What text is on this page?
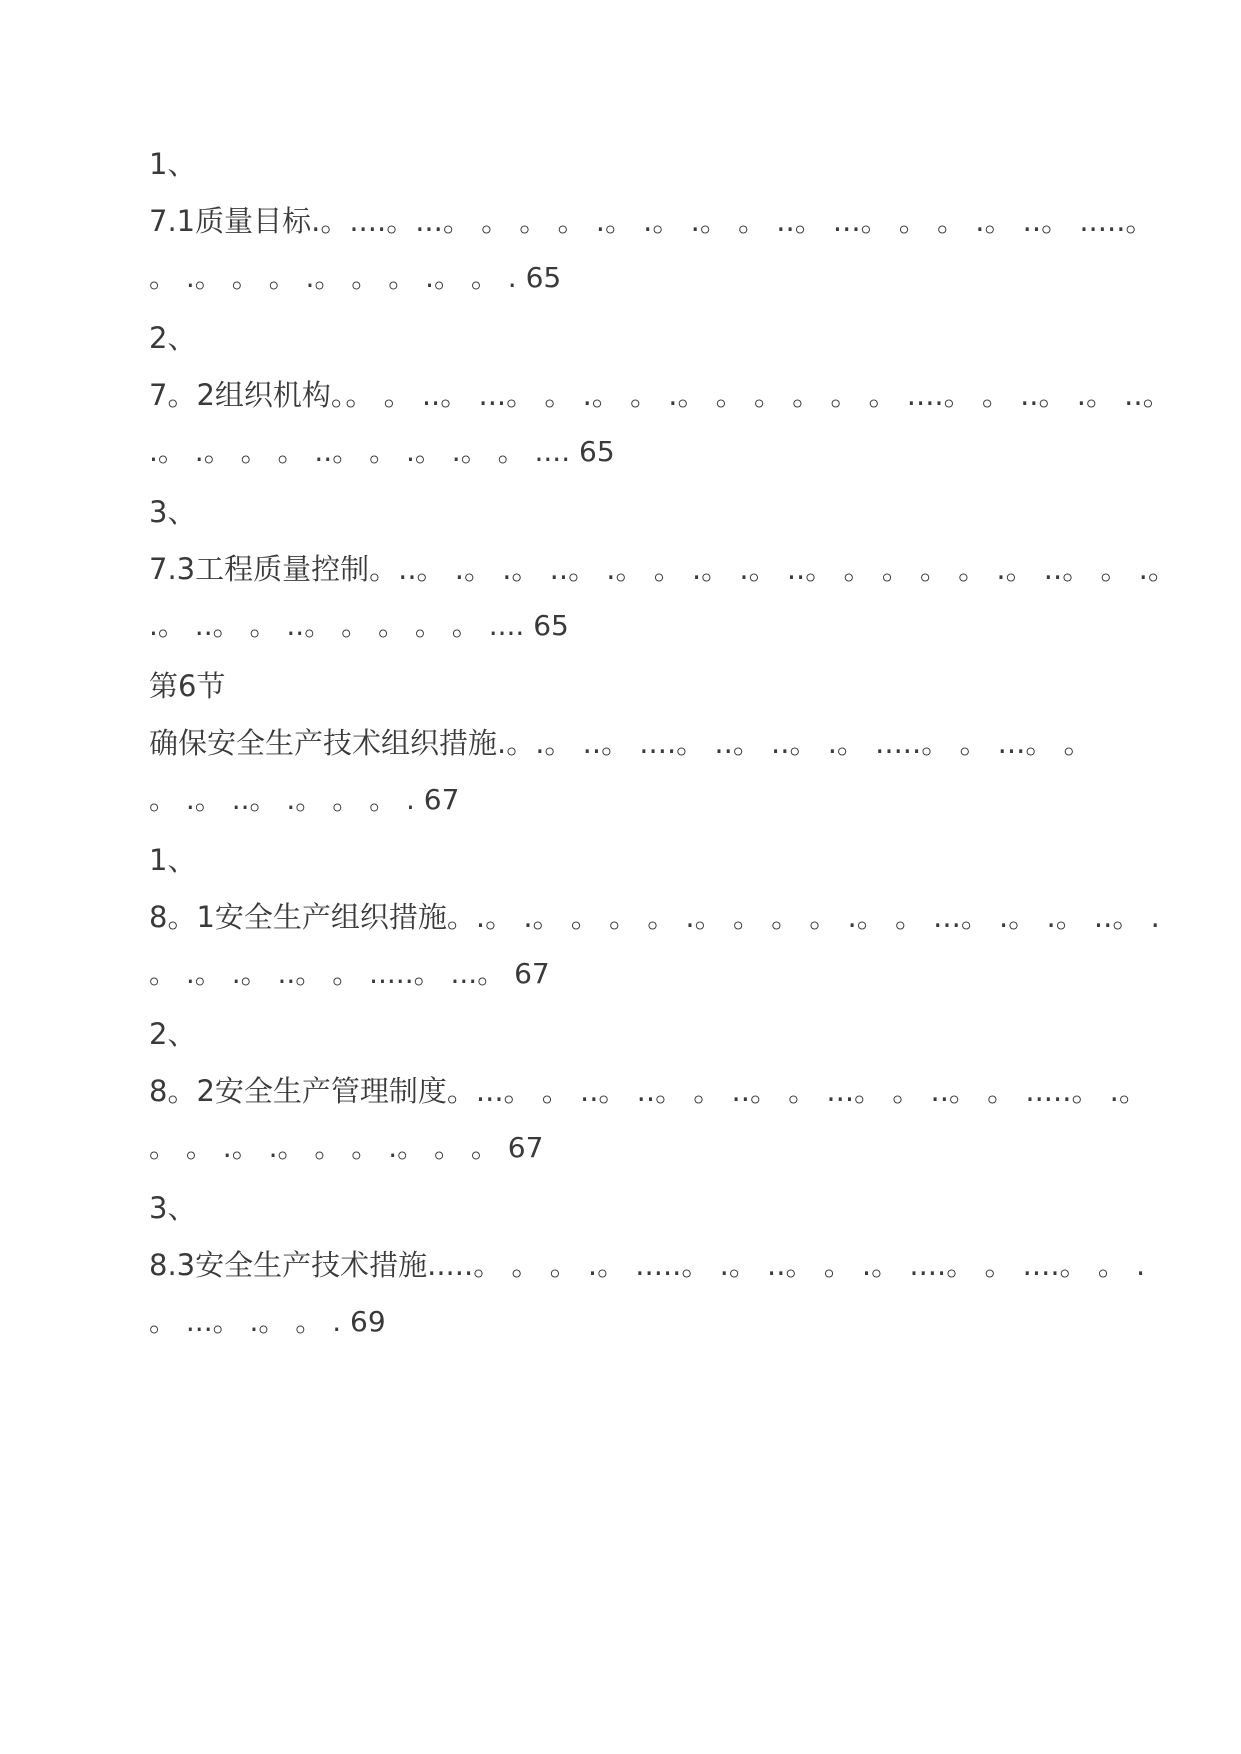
1、
7.1质量目标.。....。...。 。 。 。 .。 .。 .。 。 ..。 ...。 。 。 .。 ..。 .....。
。 .。 。 。 .。 。 。 .。 。 . 65
2、
7。2组织机构。。 。 ..。 ...。 。 .。 。 .。 。 。 。 。 。 ....。 。 ..。 .。 ..。
.。 .。 。 。 ..。 。 .。 .。 。 .... 65
3、
7.3工程质量控制。..。 .。 .。 ..。 .。 。 .。 .。 ..。 。 。 。 。 .。 ..。 。 .。
.。 ..。 。 ..。 。 。 。 。 .... 65
第6节
确保安全生产技术组织措施.。.。 ..。 ....。 ..。 ..。 .。 .....。 。 ...。 。
。 .。 ..。 .。 。 。 . 67
1、
8。1安全生产组织措施。.。 .。 。 。 。 .。 。 。 。 .。 。 ...。 .。 .。 ..。 .
。 .。 .。 ..。 。 .....。 ...。 67
2、
8。2安全生产管理制度。...。 。 ..。 ..。 。 ..。 。 ...。 。 ..。 。 .....。 .。
。 。 .。 .。 。 。 .。 。 。 67
3、
8.3安全生产技术措施.....。 。 。 .。 .....。 .。 ..。 。 .。 ....。 。 ....。 。 .
。 ...。 .。 。 . 69
